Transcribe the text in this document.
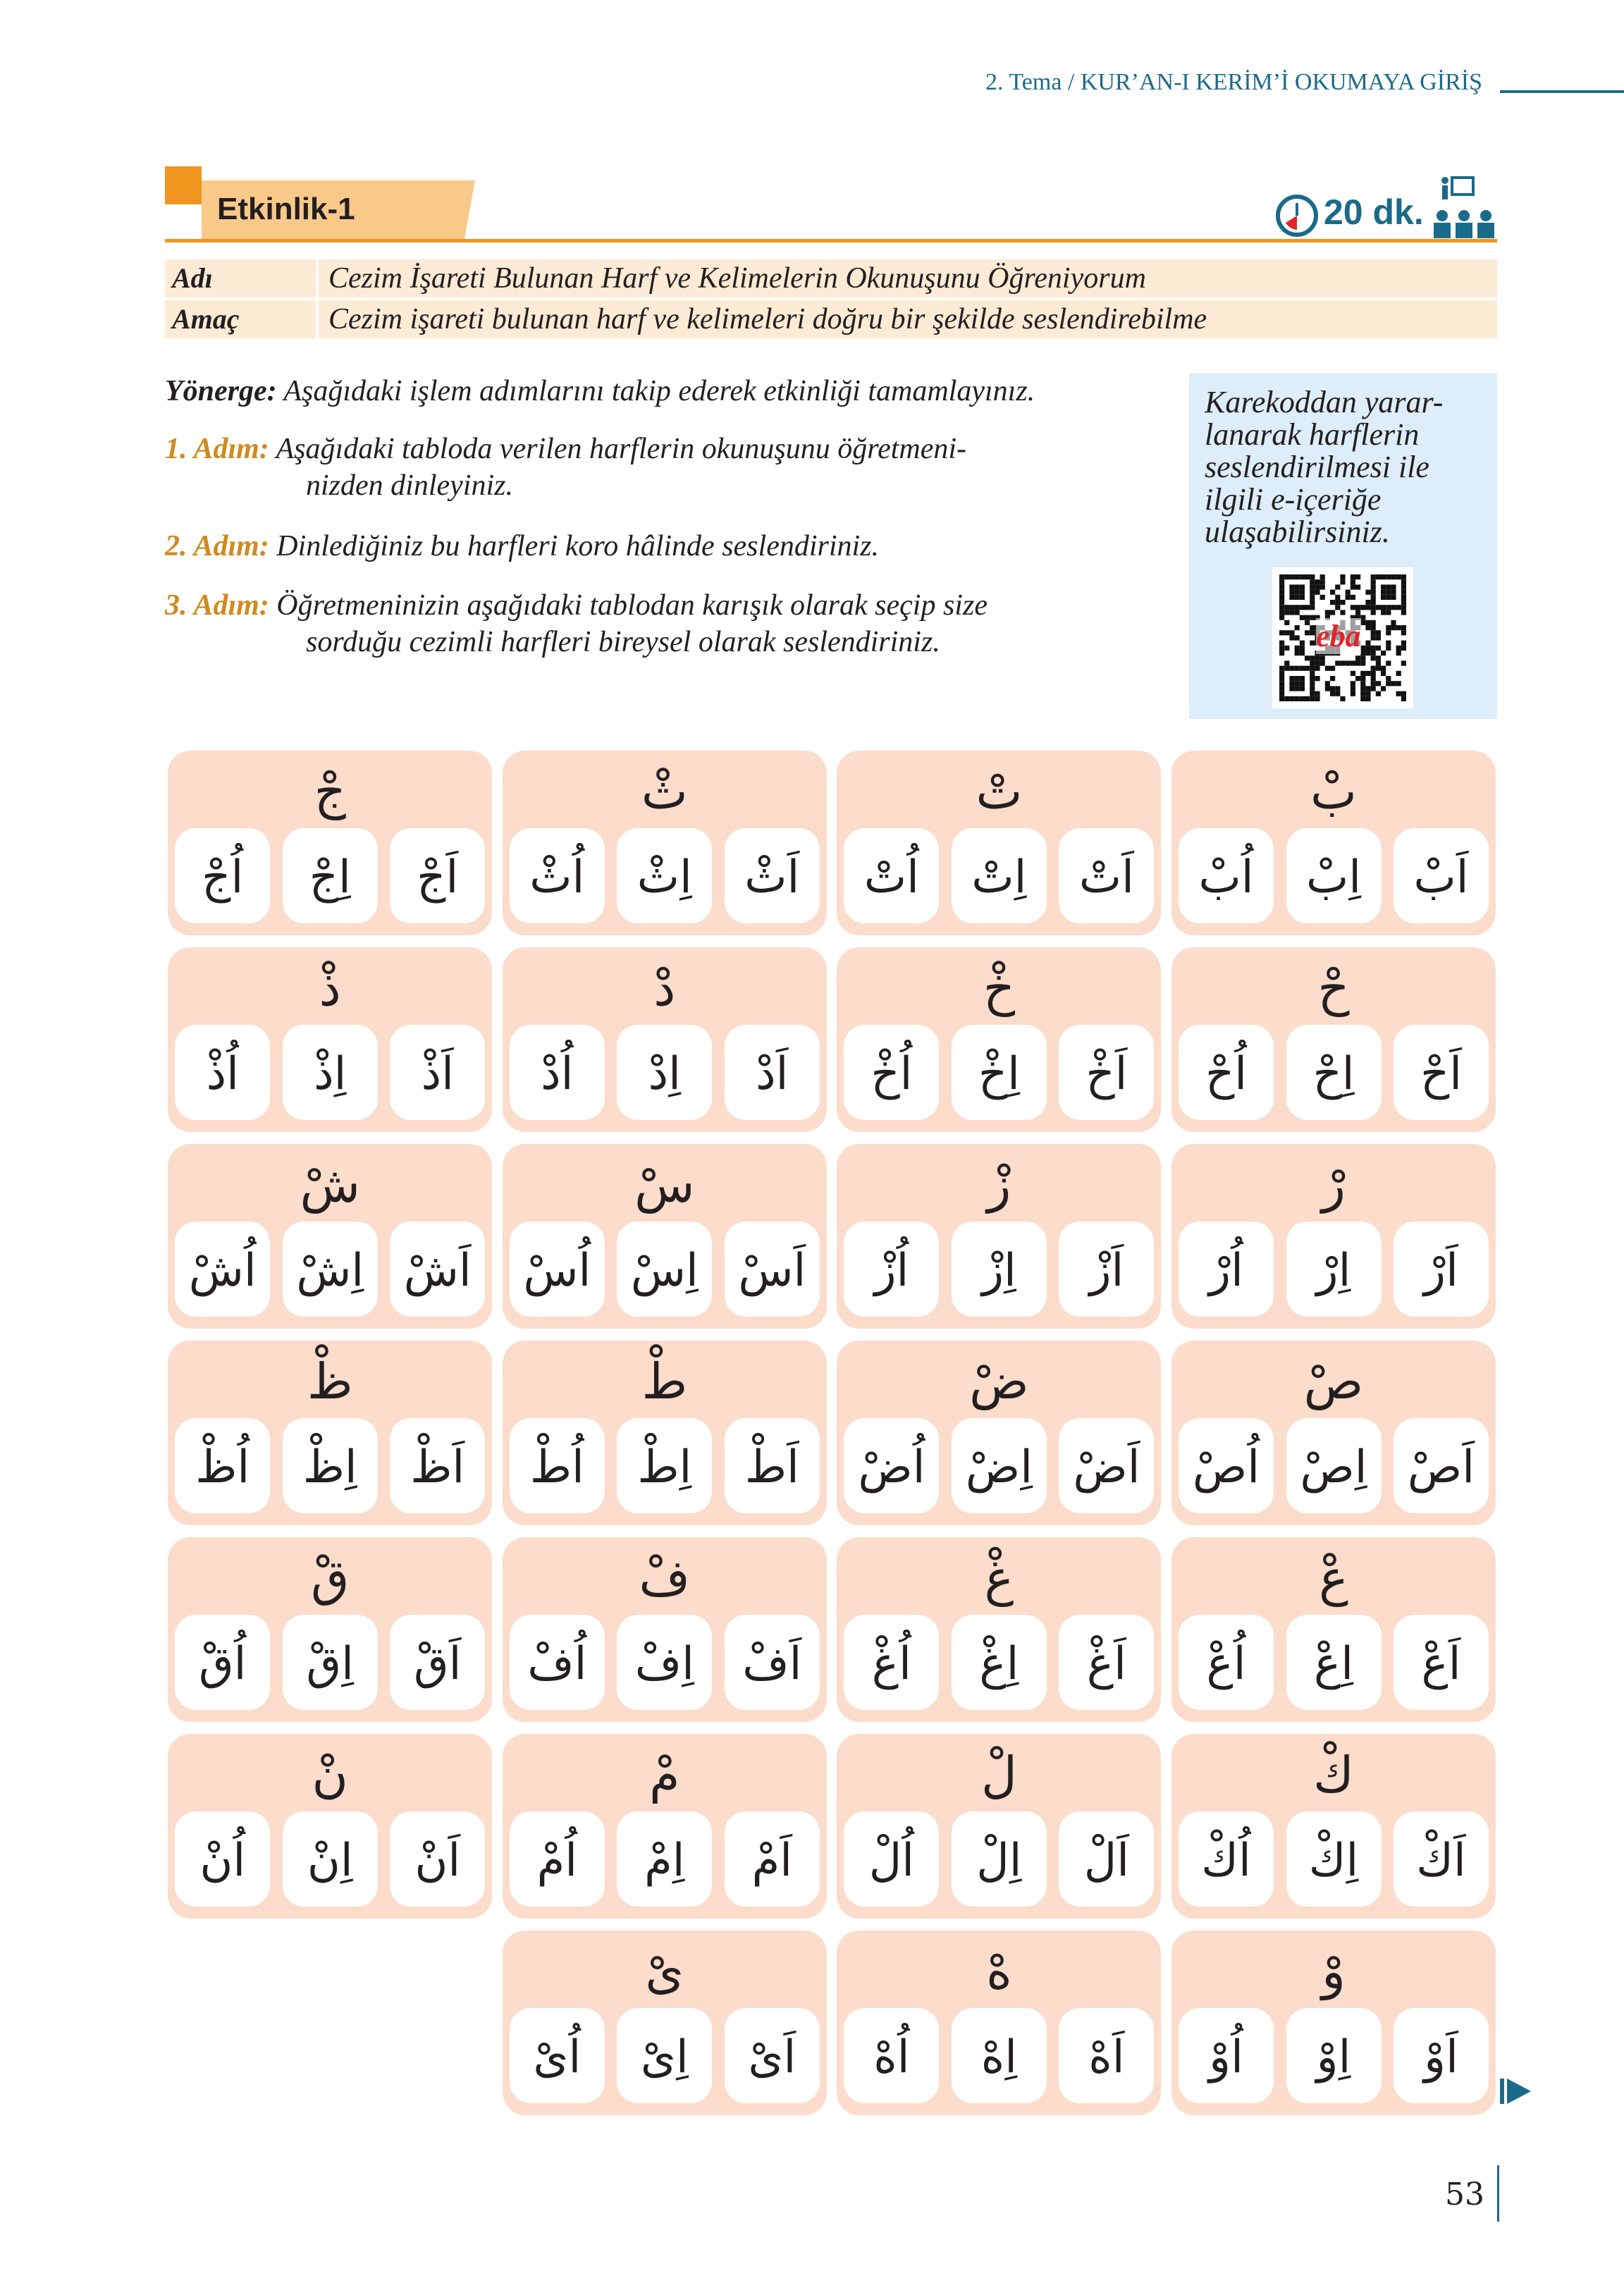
2. Tema / KUR’AN-I KERİM’İ OKUMAYA GİRİŞ
Etkinlik-1	20 dk.
Adı	Cezim İşareti Bulunan Harf ve Kelimelerin Okunuşunu Öğreniyorum
Amaç	Cezim işareti bulunan harf ve kelimeleri doğru bir şekilde seslendirebilme
Yönerge: Aşağıdaki işlem adımlarını takip ederek etkinliği tamamlayınız.
1. Adım: Aşağıdaki tabloda verilen harflerin okunuşunu öğretmeni-
nizden dinleyiniz.
2. Adım: Dinlediğiniz bu harfleri koro hâlinde seslendiriniz.
3. Adım: Öğretmeninizin aşağıdaki tablodan karışık olarak seçip size
sorduğu cezimli harfleri bireysel olarak seslendiriniz.
Karekoddan yarar-lanarak harflerin seslendirilmesi ile ilgili e-içeriğe ulaşabilirsiniz.
eba
بْ
اَبْ
اِبْ
اُبْ
تْ
اَتْ
اِتْ
اُتْ
ثْ
اَثْ
اِثْ
اُثْ
جْ
اَجْ
اِجْ
اُجْ
حْ
اَحْ
اِحْ
اُحْ
خْ
اَخْ
اِخْ
اُخْ
دْ
اَدْ
اِدْ
اُدْ
ذْ
اَذْ
اِذْ
اُذْ
رْ
اَرْ
اِرْ
اُرْ
زْ
اَزْ
اِزْ
اُزْ
سْ
اَسْ
اِسْ
اُسْ
شْ
اَشْ
اِشْ
اُشْ
صْ
اَصْ
اِصْ
اُصْ
ضْ
اَضْ
اِضْ
اُضْ
طْ
اَطْ
اِطْ
اُطْ
ظْ
اَظْ
اِظْ
اُظْ
عْ
اَعْ
اِعْ
اُعْ
غْ
اَغْ
اِغْ
اُغْ
فْ
اَفْ
اِفْ
اُفْ
قْ
اَقْ
اِقْ
اُقْ
كْ
اَكْ
اِكْ
اُكْ
لْ
اَلْ
اِلْ
اُلْ
مْ
اَمْ
اِمْ
اُمْ
نْ
اَنْ
اِنْ
اُنْ
وْ
اَوْ
اِوْ
اُوْ
هْ
اَهْ
اِهْ
اُهْ
ىْ
اَىْ
اِىْ
اُىْ
53
